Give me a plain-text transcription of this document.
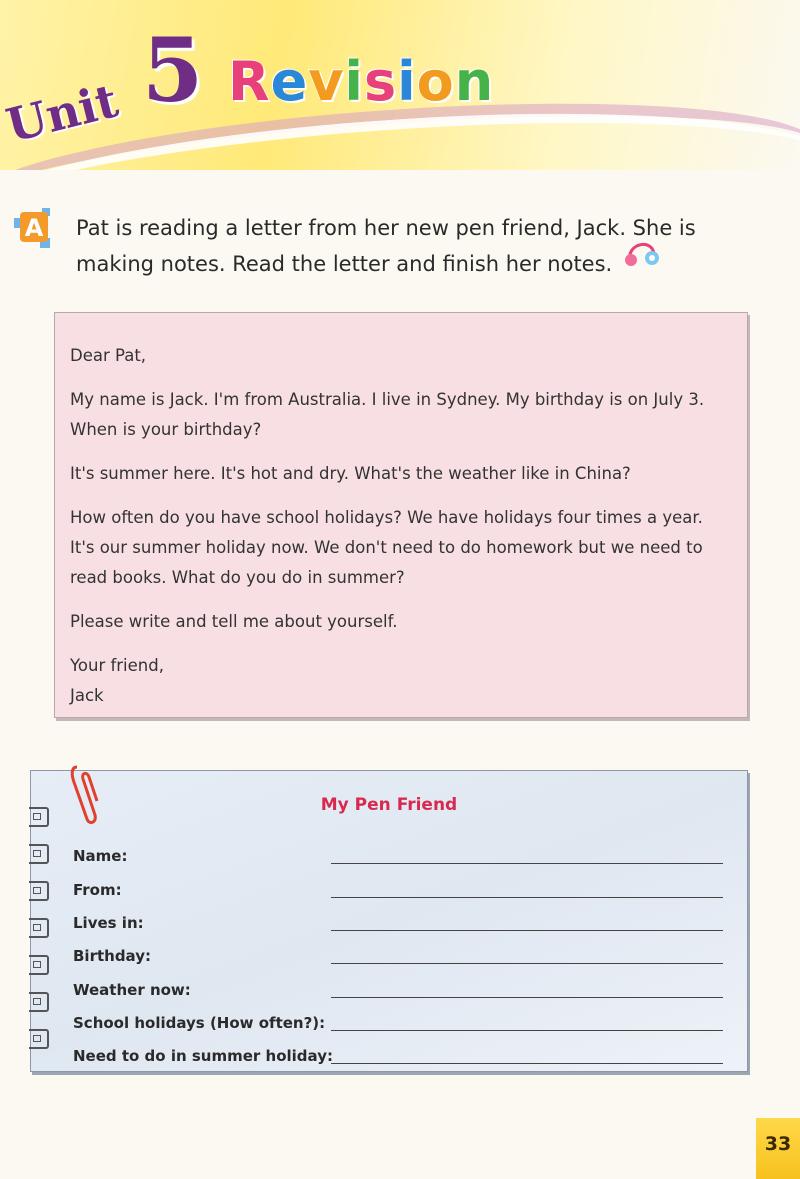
Unit 5 Revision
A Pat is reading a letter from her new pen friend, Jack. She is making notes. Read the letter and finish her notes.

Dear Pat,

My name is Jack. I'm from Australia. I live in Sydney. My birthday is on July 3. When is your birthday?

It's summer here. It's hot and dry. What's the weather like in China?

How often do you have school holidays? We have holidays four times a year. It's our summer holiday now. We don't need to do homework but we need to read books. What do you do in summer?

Please write and tell me about yourself.

Your friend,

Jack

My Pen Friend
Name:
From:
Lives in:
Birthday:
Weather now:
School holidays (How often?):
Need to do in summer holiday:
33
